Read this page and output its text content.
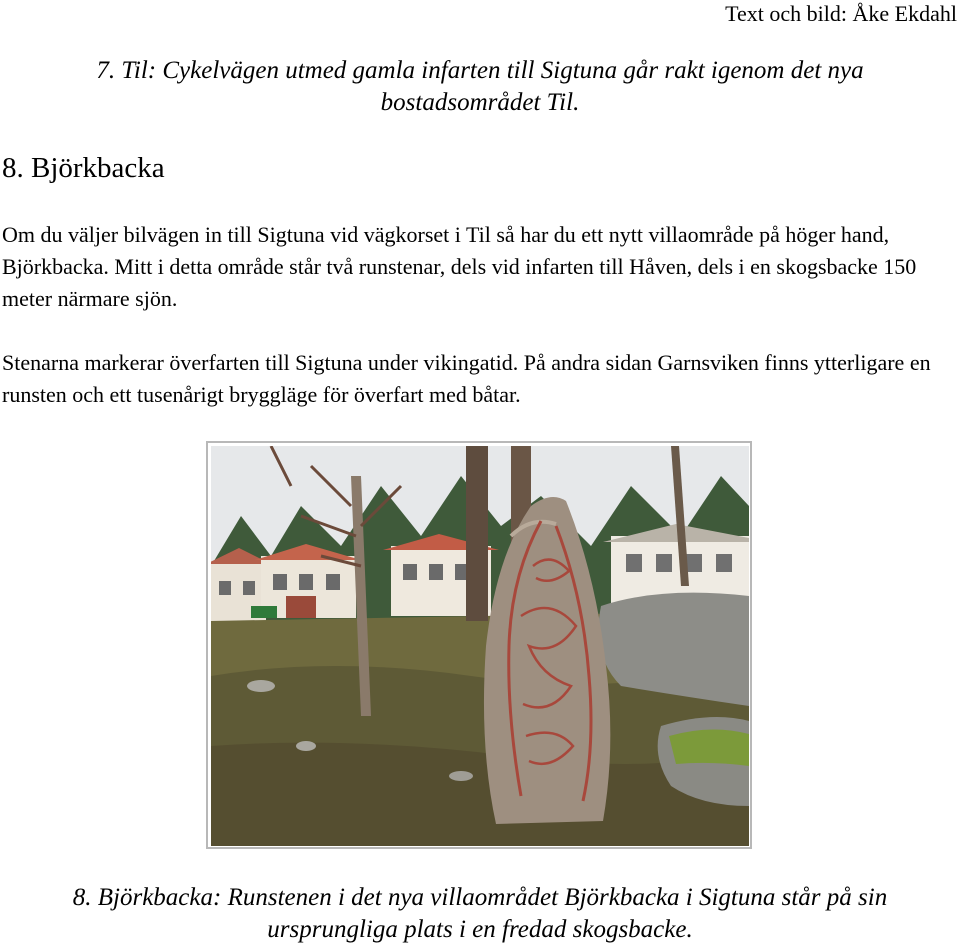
Text och bild: Åke Ekdahl
7. Til: Cykelvägen utmed gamla infarten till Sigtuna går rakt igenom det nya
bostadsområdet Til.
8. Björkbacka
Om du väljer bilvägen in till Sigtuna vid vägkorset i Til så har du ett nytt villaområde på höger hand, Björkbacka. Mitt i detta område står två runstenar, dels vid infarten till Håven, dels i en skogsbacke 150 meter närmare sjön.
Stenarna markerar överfarten till Sigtuna under vikingatid. På andra sidan Garnsviken finns ytterligare en runsten och ett tusenårigt bryggläge för överfart med båtar.
8. Björkbacka: Runstenen i det nya villaområdet Björkbacka i Sigtuna står på sin
ursprungliga plats i en fredad skogsbacke.
